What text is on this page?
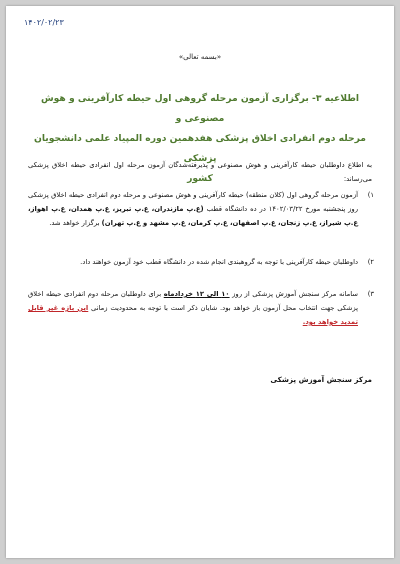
۱۴۰۲/۰۲/۲۳
«بسمه تعالی»
اطلاعیه ۳- برگزاری آزمون مرحله گروهی اول حیطه کارآفرینی و هوش مصنوعی و
مرحله دوم انفرادی اخلاق پزشکی هفدهمین دوره المپیاد علمی دانشجویان پزشکی
کشور
به اطلاع داوطلبان حیطه کارآفرینی و هوش مصنوعی و پذیرفته‌شدگان آزمون مرحله اول انفرادی حیطه اخلاق پزشکی می‌رساند:
۱)
آزمون مرحله گروهی اول (کلان منطقه) حیطه کارآفرینی و هوش مصنوعی و مرحله دوم انفرادی حیطه اخلاق پزشکی روز پنجشنبه مورخ ۱۴۰۲/۰۳/۲۲ در ده دانشگاه قطب (ع.پ مازندران، ع.پ تبریز، ع.پ همدان، ع.پ اهواز، ع.پ شیراز، ع.پ زنجان، ع.پ اصفهان، ع.پ کرمان، ع.پ مشهد و ع.پ تهران) برگزار خواهد شد.
۲)
داوطلبان حیطه کارآفرینی با توجه به گروهبندی انجام شده در دانشگاه قطب خود آزمون خواهند داد.
۳)
سامانه مرکز سنجش آموزش پزشکی از روز ۱۰ الی ۱۲ خردادماه برای داوطلبان مرحله دوم انفرادی حیطه اخلاق پزشکی جهت انتخاب محل آزمون باز خواهد بود. شایان ذکر است با توجه به محدودیت زمانی این بازه غیر قابل تمدید خواهد بود.
مرکز سنجش آموزش پزشکی
